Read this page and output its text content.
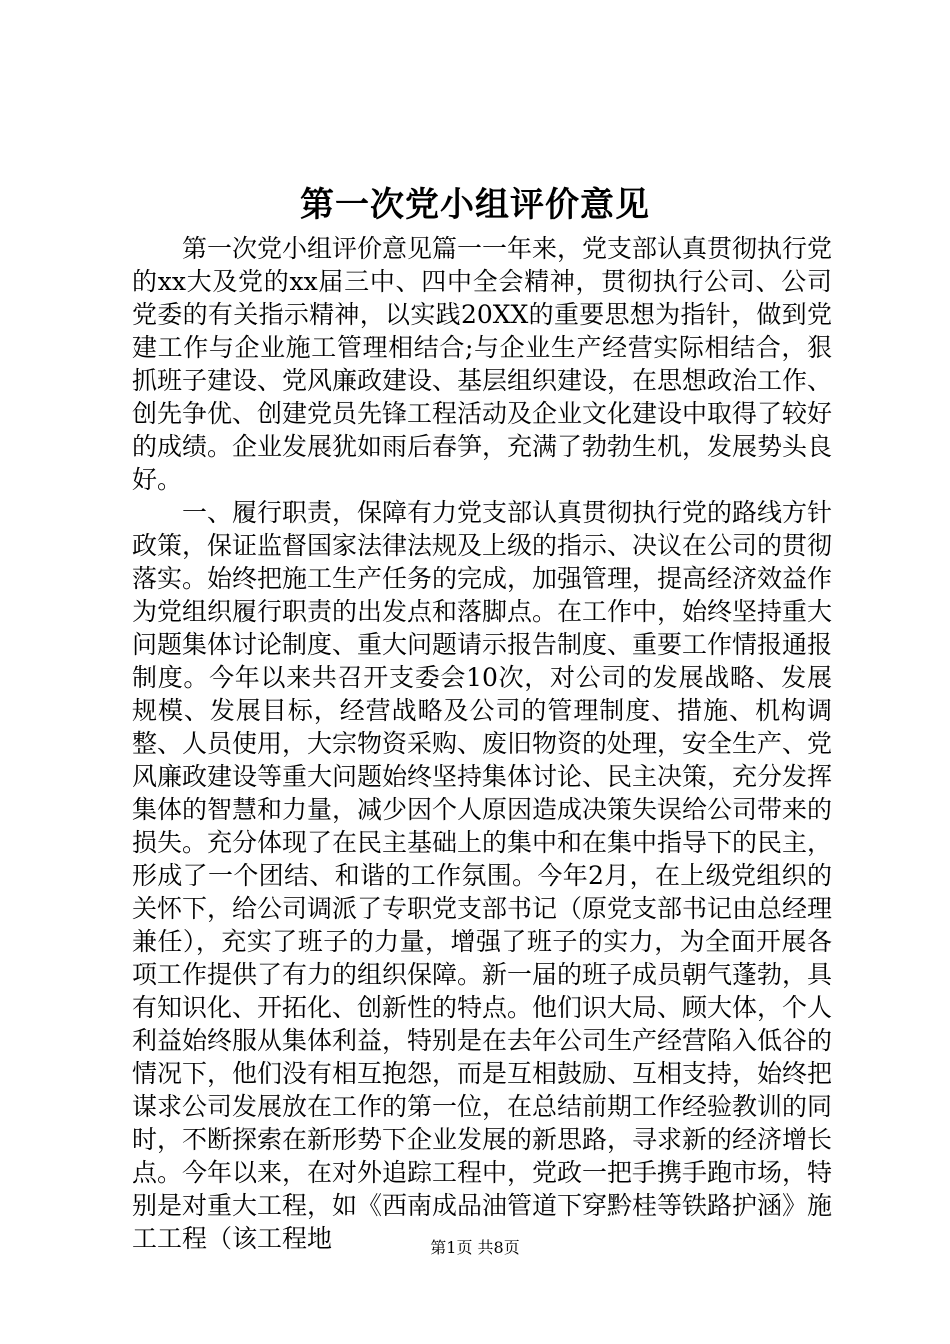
第一次党小组评价意见

第一次党小组评价意见篇一一年来，党支部认真贯彻执行党的xx大及党的xx届三中、四中全会精神，贯彻执行公司、公司党委的有关指示精神，以实践20XX的重要思想为指针，做到党建工作与企业施工管理相结合;与企业生产经营实际相结合，狠抓班子建设、党风廉政建设、基层组织建设，在思想政治工作、创先争优、创建党员先锋工程活动及企业文化建设中取得了较好的成绩。企业发展犹如雨后春笋，充满了勃勃生机，发展势头良好。

一、履行职责，保障有力党支部认真贯彻执行党的路线方针政策，保证监督国家法律法规及上级的指示、决议在公司的贯彻落实。始终把施工生产任务的完成，加强管理，提高经济效益作为党组织履行职责的出发点和落脚点。在工作中，始终坚持重大问题集体讨论制度、重大问题请示报告制度、重要工作情报通报制度。今年以来共召开支委会10次，对公司的发展战略、发展规模、发展目标，经营战略及公司的管理制度、措施、机构调整、人员使用，大宗物资采购、废旧物资的处理，安全生产、党风廉政建设等重大问题始终坚持集体讨论、民主决策，充分发挥集体的智慧和力量，减少因个人原因造成决策失误给公司带来的损失。充分体现了在民主基础上的集中和在集中指导下的民主，形成了一个团结、和谐的工作氛围。今年2月，在上级党组织的关怀下，给公司调派了专职党支部书记（原党支部书记由总经理兼任），充实了班子的力量，增强了班子的实力，为全面开展各项工作提供了有力的组织保障。新一届的班子成员朝气蓬勃，具有知识化、开拓化、创新性的特点。他们识大局、顾大体，个人利益始终服从集体利益，特别是在去年公司生产经营陷入低谷的情况下，他们没有相互抱怨，而是互相鼓励、互相支持，始终把谋求公司发展放在工作的第一位，在总结前期工作经验教训的同时，不断探索在新形势下企业发展的新思路，寻求新的经济增长点。今年以来，在对外追踪工程中，党政一把手携手跑市场，特别是对重大工程，如《西南成品油管道下穿黔桂等铁路护涵》施工工程（该工程地	第1页 共8页
